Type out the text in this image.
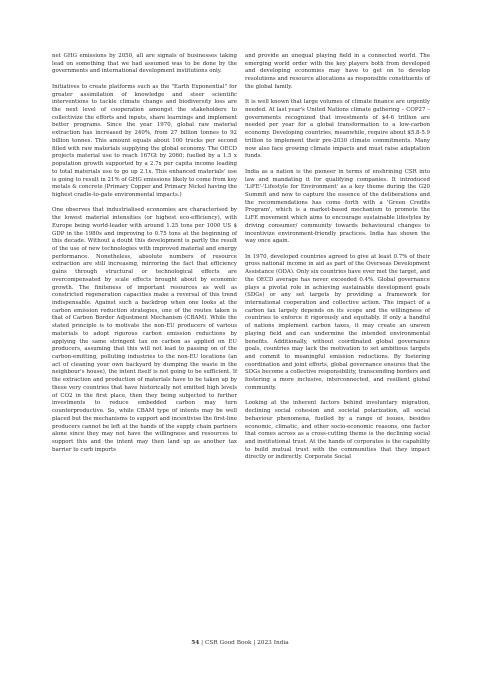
net GHG emissions by 2050, all are signals of businesses taking lead on something that we had assumed was to be done by the governments and international development institutions only.

Initiatives to create platforms such as the "Earth Exponential" for greater assimilation of knowledge and steer scientific interventions to tackle climate change and biodiversity loss are the next level of cooperation amongst the stakeholders to collectivize the efforts and inputs, share learnings and implement better programs. Since the year 1970, global raw material extraction has increased by 240%, from 27 billion tonnes to 92 billion tonnes. This amount equals about 100 trucks per second filled with raw materials supplying the global economy. The OECD projects material use to reach 167Gt by 2060; fuelled by a 1.5 x population growth supported by a 2.7x per capita income leading to total materials use to go up 2.1x. This enhanced materials' use is going to result in 21% of GHG emissions likely to come from key metals & concrete (Primary Copper and Primary Nickel having the highest cradle-to-gate environmental impacts.)

One observes that industrialised economies are characterised by the lowest material intensities (or highest eco-efficiency), with Europe being world-leader with around 1.25 tons per 1000 US $ GDP in the 1980s and improving to 0.75 tons at the beginning of this decade. Without a doubt this development is partly the result of the use of new technologies with improved material and energy performance. Nonetheless, absolute numbers of resource extraction are still increasing, mirroring the fact that efficiency gains through structural or technological effects are overcompensated by scale effects brought about by economic growth. The finiteness of important resources as well as constricted regeneration capacities make a reversal of this trend indispensable. Against such a backdrop when one looks at the carbon emission reduction strategies, one of the routes taken is that of Carbon Border Adjustment Mechanism (CBAM). While the stated principle is to motivate the non-EU producers of various materials to adopt rigorous carbon emission reductions by applying the same stringent tax on carbon as applied on EU producers, assuming that this will not lead to passing on of the carbon-emitting, polluting industries to the non-EU locations (an act of cleaning your own backyard by dumping the waste in the neighbour's house), the intent itself is not going to be sufficient. If the extraction and production of materials have to be taken up by these very countries that have historically not emitted high levels of CO2 in the first place, then they being subjected to further investments to reduce embedded carbon may turn counterproductive. So, while CBAM type of intents may be well placed but the mechanisms to support and incentivise the first-line producers cannot be left at the hands of the supply chain partners alone since they may not have the willingness and resources to support this and the intent may then land up as another tax barrier to curb imports

and provide an unequal playing field in a connected world. The emerging world order with the key players both from developed and developing economies may have to get on to develop resolutions and resource allocations as responsible constituents of the global family.

It is well known that large volumes of climate finance are urgently needed. At last year's United Nations climate gathering – COP27 – governments recognized that investments of $4-6 trillion are needed per year for a global transformation to a low-carbon economy. Developing countries, meanwhile, require about $5.8-5.9 trillion to implement their pre-2030 climate commitments. Many now also face growing climate impacts and must raise adaptation funds.

India as a nation is the pioneer in terms of enshrining CSR into law and mandating it for qualifying companies. It introduced 'LiFE'-'Lifestyle for Environment' as a key theme during the G20 Summit and now to capture the essence of the deliberations and the recommendations has come forth with a 'Green Credits Program', which is a market-based mechanism to promote the LiFE movement which aims to encourage sustainable lifestyles by driving consumer/ community towards behavioural changes to incentivize environment-friendly practices. India has shown the way once again.

In 1970, developed countries agreed to give at least 0.7% of their gross national income in aid as part of the Overseas Development Assistance (ODA). Only six countries have ever met the target, and the OECD average has never exceeded 0.4%. Global governance plays a pivotal role in achieving sustainable development goals (SDGs) or any set targets by providing a framework for international cooperation and collective action. The impact of a carbon tax largely depends on its scope and the willingness of countries to enforce it rigorously and equitably. If only a handful of nations implement carbon taxes, it may create an uneven playing field and can undermine the intended environmental benefits. Additionally, without coordinated global governance goals, countries may lack the motivation to set ambitious targets and commit to meaningful emission reductions. By fostering coordination and joint efforts, global governance ensures that the SDGs become a collective responsibility, transcending borders and fostering a more inclusive, interconnected, and resilient global community.

Looking at the inherent factors behind involuntary migration, declining social cohesion and societal polarization, all social behaviour phenomena, fuelled by a range of issues, besides economic, climatic, and other socio-economic reasons, one factor that comes across as a cross-cutting theme is the declining social and institutional trust. At the hands of corporates is the capability to build mutual trust with the communities that they impact directly or indirectly. Corporate Social

54 | CSR Good Book | 2023 India
